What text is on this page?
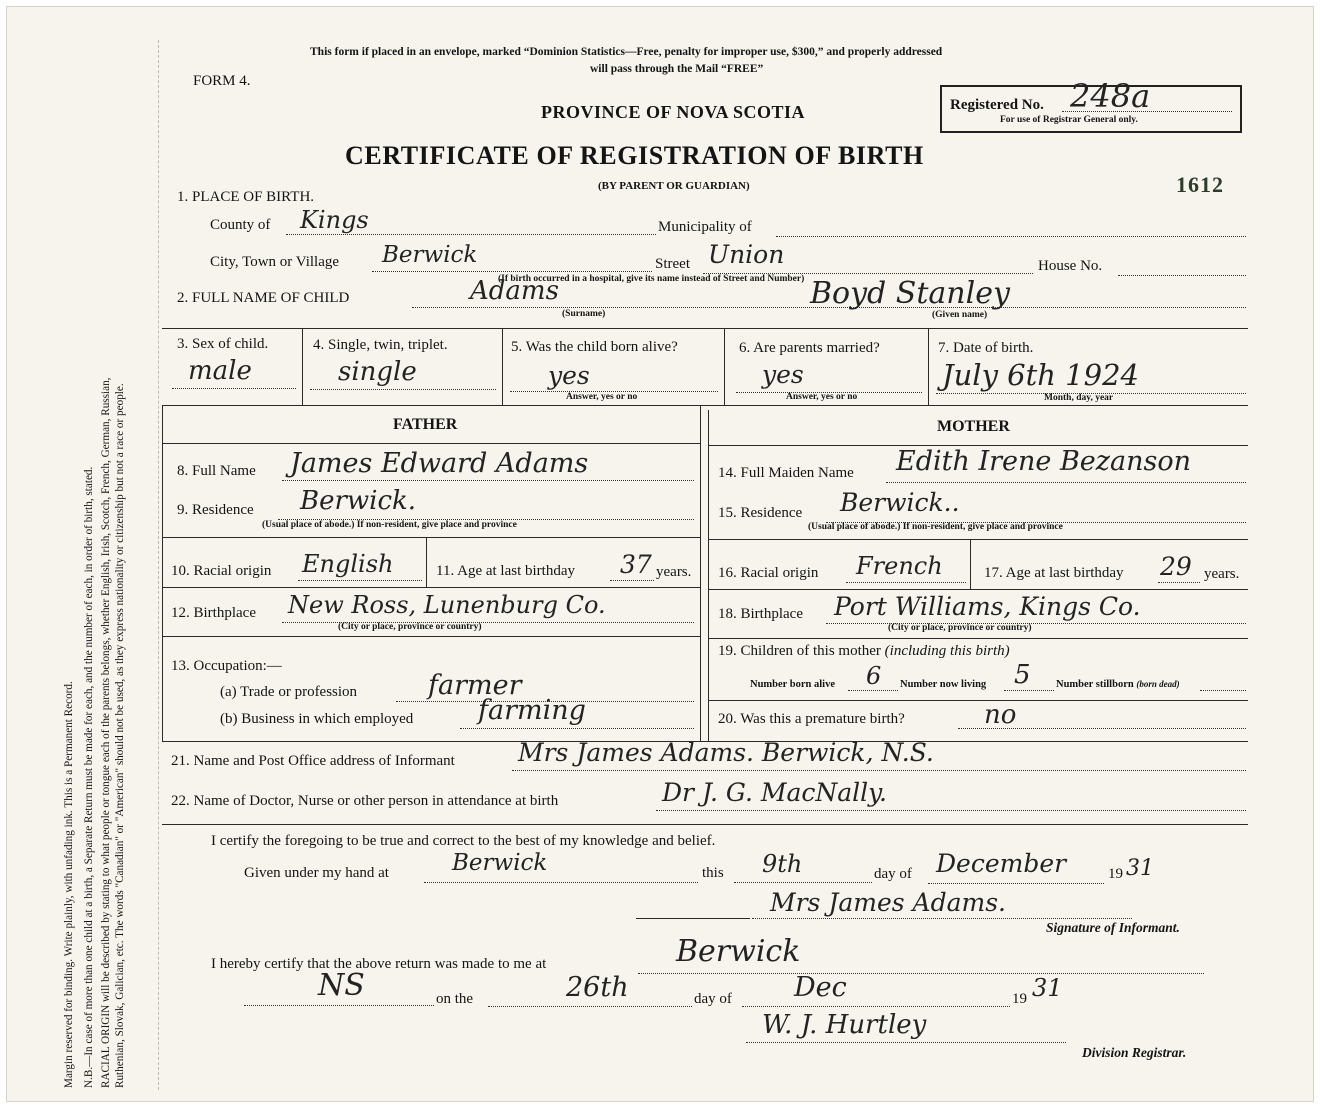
Margin reserved for binding. Write plainly, with unfading ink. This is a Permanent Record. N.B.—In case of more than one child at a birth, a Separate Return must be made for each, and the number of each, in order of birth, stated. RACIAL ORIGIN will be described by stating to what people or tongue each of the parents belongs, whether English, Irish, Scotch, French, German, Russian, Ruthenian, Slovak, Galician, etc. The words "Canadian" or "American" should not be used, as they express nationality or citizenship but not a race or people.
This form if placed in an envelope, marked “Dominion Statistics—Free, penalty for improper use, $300,” and properly addressed
will pass through the Mail “FREE”
FORM 4.
PROVINCE OF NOVA SCOTIA
CERTIFICATE OF REGISTRATION OF BIRTH
(BY PARENT OR GUARDIAN)
Registered No. 248a
For use of Registrar General only.
1612
1. PLACE OF BIRTH.
County of Kings	Municipality of
City, Town or Village Berwick	Street Union	House No.
(If birth occurred in a hospital, give its name instead of Street and Number)
2. FULL NAME OF CHILD	Adams
(Surname)
Boyd Stanley
(Given name)
3. Sex of child.
male
4. Single, twin, triplet.
single
5. Was the child born alive?
yes
Answer, yes or no
6. Are parents married?
yes
Answer, yes or no
7. Date of birth.
July 6th 1924
Month, day, year
FATHER	MOTHER
8. Full Name James Edward Adams
9. Residence Berwick.
(Usual place of abode.) If non-resident, give place and province
10. Racial origin English	11. Age at last birthday 37 years.
12. Birthplace New Ross, Lunenburg Co.
(City or place, province or country)
13. Occupation:—
(a) Trade or profession	farmer
(b) Business in which employed farming
14. Full Maiden Name Edith Irene Bezanson
15. Residence Berwick..
(Usual place of abode.) If non-resident, give place and province
16. Racial origin French	17. Age at last birthday 29 years.
18. Birthplace Port Williams, Kings Co.
(City or place, province or country)
19. Children of this mother (including this birth)
Number born alive 6 Number now living 5 Number stillborn (born dead)
20. Was this a premature birth?	no
21. Name and Post Office address of Informant	Mrs James Adams. Berwick, N.S.
22. Name of Doctor, Nurse or other person in attendance at birth	Dr J. G. MacNally.
I certify the foregoing to be true and correct to the best of my knowledge and belief.
Given under my hand at	Berwick	this 9th	day of December	19 31
Mrs James Adams.
Signature of Informant.
I hereby certify that the above return was made to me at	Berwick
NS	on the	26th	day of Dec	19 31
W. J. Hurtley
Division Registrar.
